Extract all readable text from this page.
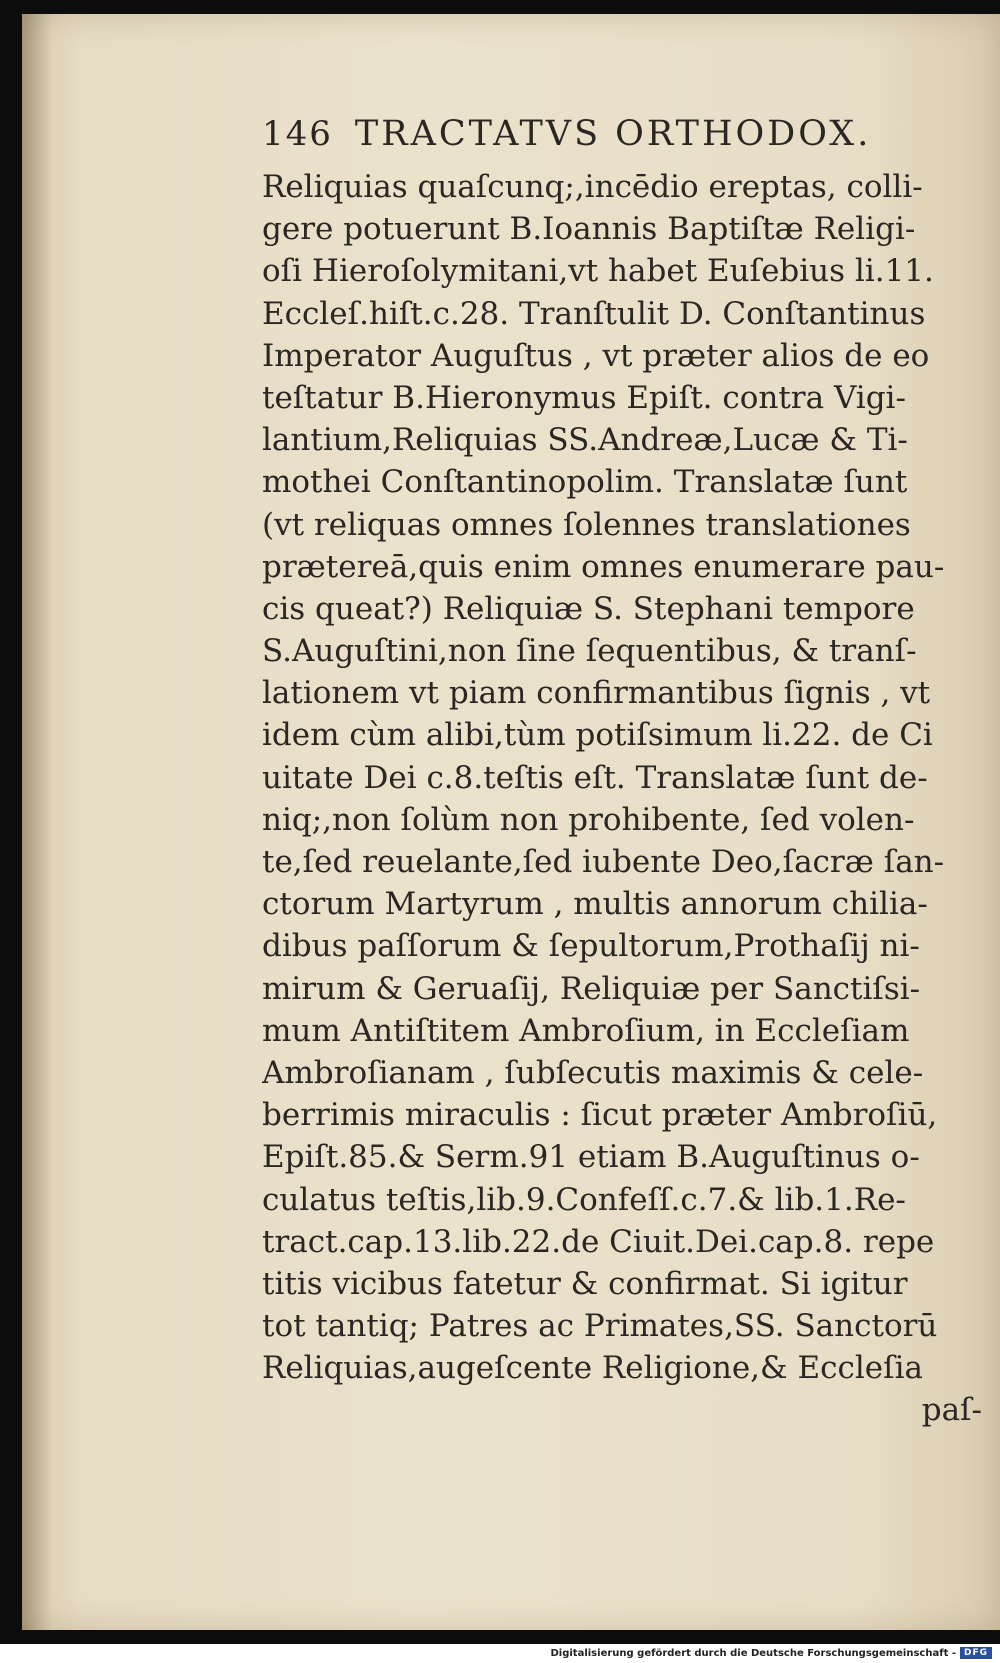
146 TRACTATVS ORTHODOX.
Reliquias quaſcunq;,incēdio ereptas, colli-
gere potuerunt B.Ioannis Baptiſtæ Religi-
oſi Hieroſolymitani,vt habet Euſebius li.11.
Eccleſ.hiſt.c.28. Tranſtulit D. Conſtantinus
Imperator Auguſtus , vt præter alios de eo
teſtatur B.Hieronymus Epiſt. contra Vigi-
lantium,Reliquias SS.Andreæ,Lucæ & Ti-
mothei Conſtantinopolim. Translatæ ſunt
(vt reliquas omnes ſolennes translationes
prætereā,quis enim omnes enumerare pau-
cis queat?) Reliquiæ S. Stephani tempore
S.Auguſtini,non ſine ſequentibus, & tranſ-
lationem vt piam confirmantibus ſignis , vt
idem cùm alibi,tùm potiſsimum li.22. de Ci
uitate Dei c.8.teſtis eſt. Translatæ ſunt de-
niq;,non ſolùm non prohibente, ſed volen-
te,ſed reuelante,ſed iubente Deo,ſacræ ſan-
ctorum Martyrum , multis annorum chilia-
dibus paſſorum & ſepultorum,Prothaſij ni-
mirum & Geruaſij, Reliquiæ per Sanctiſsi-
mum Antiſtitem Ambroſium, in Eccleſiam
Ambroſianam , ſubſecutis maximis & cele-
berrimis miraculis : ſicut præter Ambroſiū,
Epiſt.85.& Serm.91 etiam B.Auguſtinus o-
culatus teſtis,lib.9.Confeſſ.c.7.& lib.1.Re-
tract.cap.13.lib.22.de Ciuit.Dei.cap.8. repe
titis vicibus fatetur & confirmat. Si igitur
tot tantiq; Patres ac Primates,SS. Sanctorū
Reliquias,augeſcente Religione,& Eccleſia
paſ-
Digitalisierung gefördert durch die Deutsche Forschungsgemeinschaft - DFG
